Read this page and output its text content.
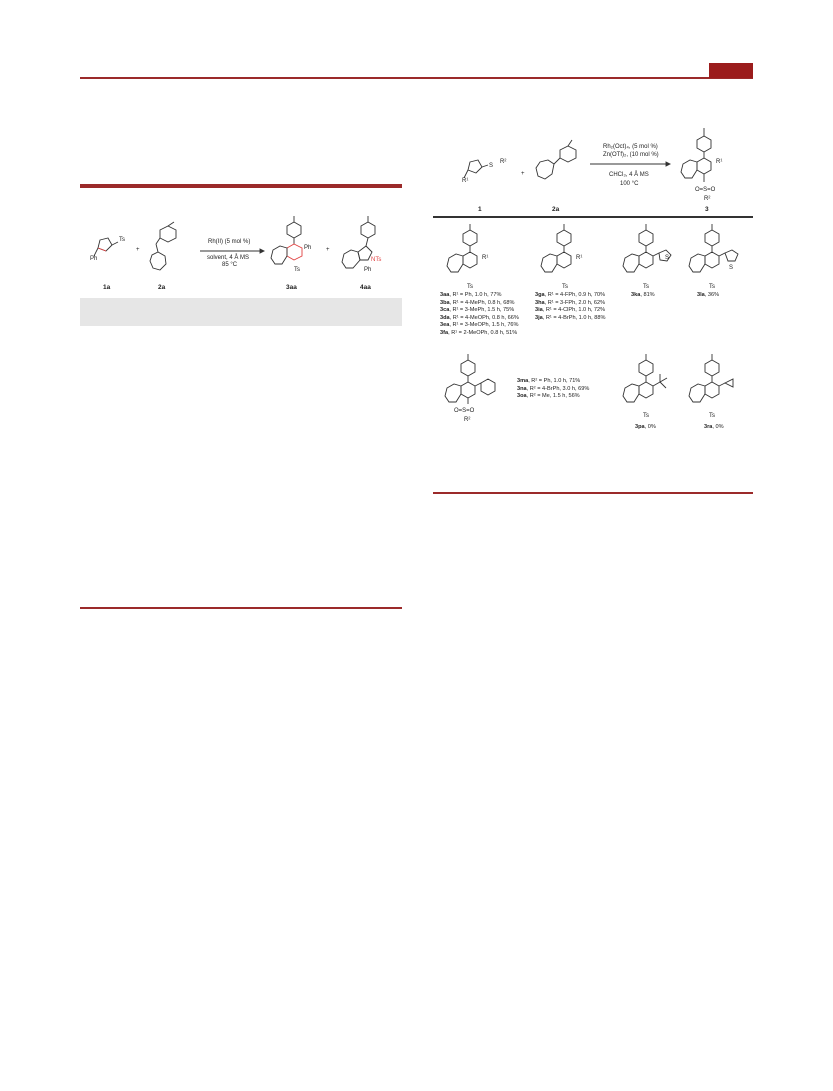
Ts
Ph
1a
+
2a
Rh(II) (5 mol %)
solvent, 4 Å MS
85 °C
Ph
Ts
3aa
+
NTs
Ph
4aa
S
R²
R¹
1
+
2a
Rh₂(Oct)₄, (5 mol %)
Zn(OTf)₂, (10 mol %)
CHCl₃, 4 Å MS
100 °C
R¹
O=S=O
R²
3
R¹
Ts
3aa, R¹ = Ph, 1.0 h, 77%
3ba, R¹ = 4-MePh, 0.8 h, 68%
3ca, R¹ = 3-MePh, 1.5 h, 75%
3da, R¹ = 4-MeOPh, 0.8 h, 66%
3ea, R¹ = 3-MeOPh, 1.5 h, 76%
3fa, R¹ = 2-MeOPh, 0.8 h, 51%
R¹
Ts
3ga, R¹ = 4-FPh, 0.9 h, 70%
3ha, R¹ = 3-FPh, 2.0 h, 62%
3ia, R¹ = 4-ClPh, 1.0 h, 72%
3ja, R¹ = 4-BrPh, 1.0 h, 88%
S
Ts
3ka, 81%
S
Ts
3la, 36%
O=S=O
R²
3ma, R² = Ph, 1.0 h, 71%
3na, R² = 4-BrPh, 3.0 h, 69%
3oa, R² = Me, 1.5 h, 56%
Ts
3pa, 0%
Ts
3ra, 0%
